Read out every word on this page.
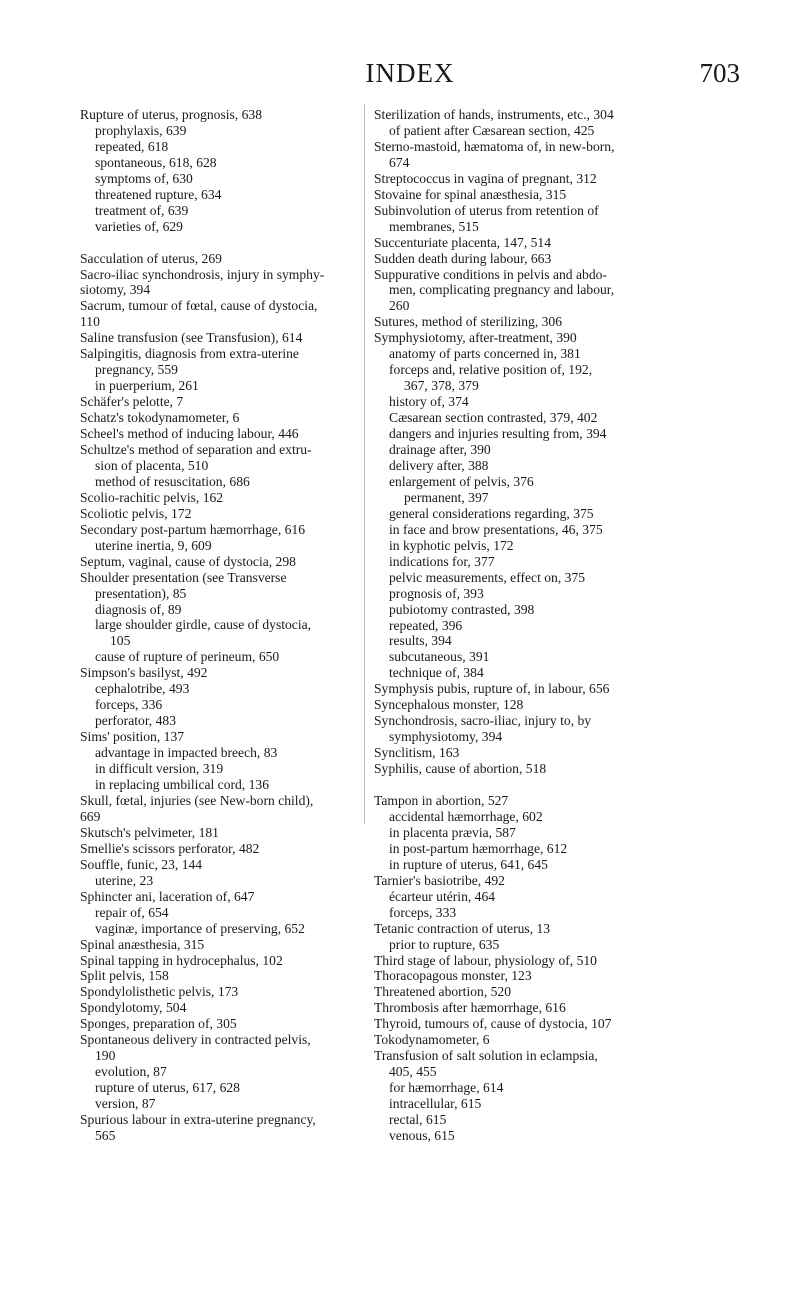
INDEX	703
Rupture of uterus, prognosis, 638
prophylaxis, 639
repeated, 618
spontaneous, 618, 628
symptoms of, 630
threatened rupture, 634
treatment of, 639
varieties of, 629
Sacculation of uterus, 269
Sacro-iliac synchondrosis, injury in symphy-
siotomy, 394
Sacrum, tumour of fœtal, cause of dystocia,
110
Saline transfusion (see Transfusion), 614
Salpingitis, diagnosis from extra-uterine
pregnancy, 559
in puerperium, 261
Schäfer's pelotte, 7
Schatz's tokodynamometer, 6
Scheel's method of inducing labour, 446
Schultze's method of separation and extru-
sion of placenta, 510
method of resuscitation, 686
Scolio-rachitic pelvis, 162
Scoliotic pelvis, 172
Secondary post-partum hæmorrhage, 616
uterine inertia, 9, 609
Septum, vaginal, cause of dystocia, 298
Shoulder presentation (see Transverse
presentation), 85
diagnosis of, 89
large shoulder girdle, cause of dystocia,
105
cause of rupture of perineum, 650
Simpson's basilyst, 492
cephalotribe, 493
forceps, 336
perforator, 483
Sims' position, 137
advantage in impacted breech, 83
in difficult version, 319
in replacing umbilical cord, 136
Skull, fœtal, injuries (see New-born child),
669
Skutsch's pelvimeter, 181
Smellie's scissors perforator, 482
Souffle, funic, 23, 144
uterine, 23
Sphincter ani, laceration of, 647
repair of, 654
vaginæ, importance of preserving, 652
Spinal anæsthesia, 315
Spinal tapping in hydrocephalus, 102
Split pelvis, 158
Spondylolisthetic pelvis, 173
Spondylotomy, 504
Sponges, preparation of, 305
Spontaneous delivery in contracted pelvis,
190
evolution, 87
rupture of uterus, 617, 628
version, 87
Spurious labour in extra-uterine pregnancy,
565
Sterilization of hands, instruments, etc., 304
of patient after Cæsarean section, 425
Sterno-mastoid, hæmatoma of, in new-born,
674
Streptococcus in vagina of pregnant, 312
Stovaine for spinal anæsthesia, 315
Subinvolution of uterus from retention of
membranes, 515
Succenturiate placenta, 147, 514
Sudden death during labour, 663
Suppurative conditions in pelvis and abdo-
men, complicating pregnancy and labour,
260
Sutures, method of sterilizing, 306
Symphysiotomy, after-treatment, 390
anatomy of parts concerned in, 381
forceps and, relative position of, 192,
367, 378, 379
history of, 374
Cæsarean section contrasted, 379, 402
dangers and injuries resulting from, 394
drainage after, 390
delivery after, 388
enlargement of pelvis, 376
permanent, 397
general considerations regarding, 375
in face and brow presentations, 46, 375
in kyphotic pelvis, 172
indications for, 377
pelvic measurements, effect on, 375
prognosis of, 393
pubiotomy contrasted, 398
repeated, 396
results, 394
subcutaneous, 391
technique of, 384
Symphysis pubis, rupture of, in labour, 656
Syncephalous monster, 128
Synchondrosis, sacro-iliac, injury to, by
symphysiotomy, 394
Synclitism, 163
Syphilis, cause of abortion, 518
Tampon in abortion, 527
accidental hæmorrhage, 602
in placenta prævia, 587
in post-partum hæmorrhage, 612
in rupture of uterus, 641, 645
Tarnier's basiotribe, 492
écarteur utérin, 464
forceps, 333
Tetanic contraction of uterus, 13
prior to rupture, 635
Third stage of labour, physiology of, 510
Thoracopagous monster, 123
Threatened abortion, 520
Thrombosis after hæmorrhage, 616
Thyroid, tumours of, cause of dystocia, 107
Tokodynamometer, 6
Transfusion of salt solution in eclampsia,
405, 455
for hæmorrhage, 614
intracellular, 615
rectal, 615
venous, 615
